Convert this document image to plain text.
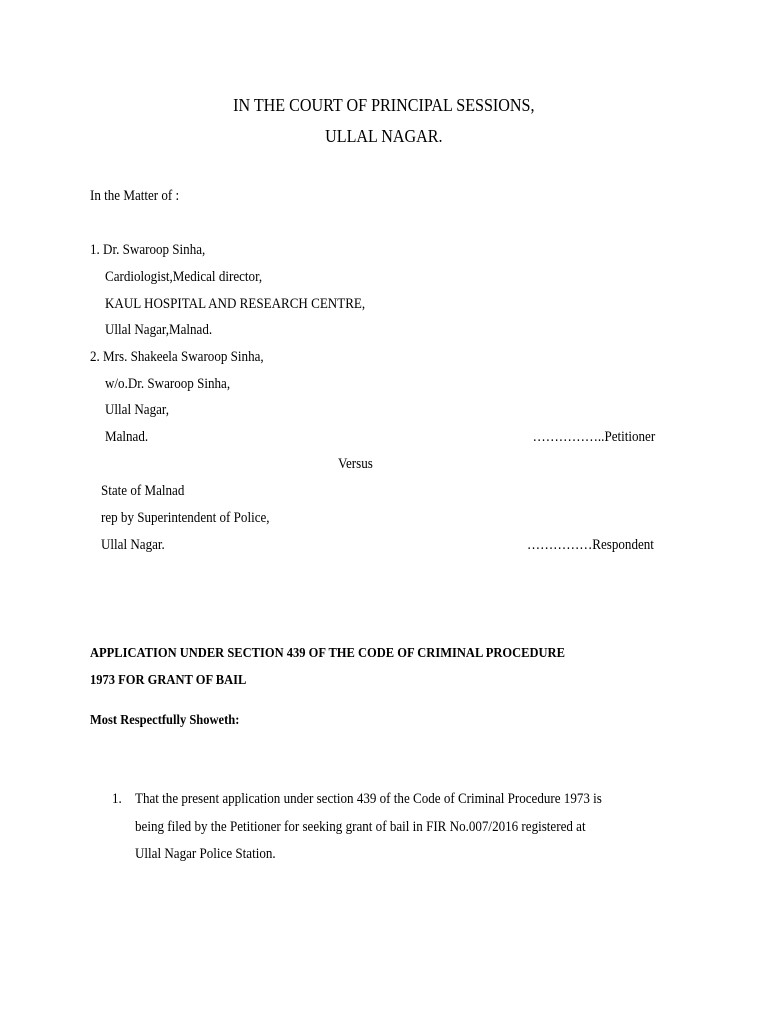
IN THE COURT OF PRINCIPAL SESSIONS,
ULLAL NAGAR.
In the Matter of :
1. Dr. Swaroop Sinha,
Cardiologist,Medical director,
KAUL HOSPITAL AND RESEARCH CENTRE,
Ullal Nagar,Malnad.
2. Mrs. Shakeela Swaroop Sinha,
w/o.Dr. Swaroop Sinha,
Ullal Nagar,
Malnad.	……………..Petitioner
Versus
State of Malnad
rep by Superintendent of Police,
Ullal Nagar.	……………Respondent
APPLICATION UNDER SECTION 439 OF THE CODE OF CRIMINAL PROCEDURE
1973 FOR GRANT OF BAIL
Most Respectfully Showeth:
1. That the present application under section 439 of the Code of Criminal Procedure 1973 is
being filed by the Petitioner for seeking grant of bail in FIR No.007/2016 registered at
Ullal Nagar Police Station.
